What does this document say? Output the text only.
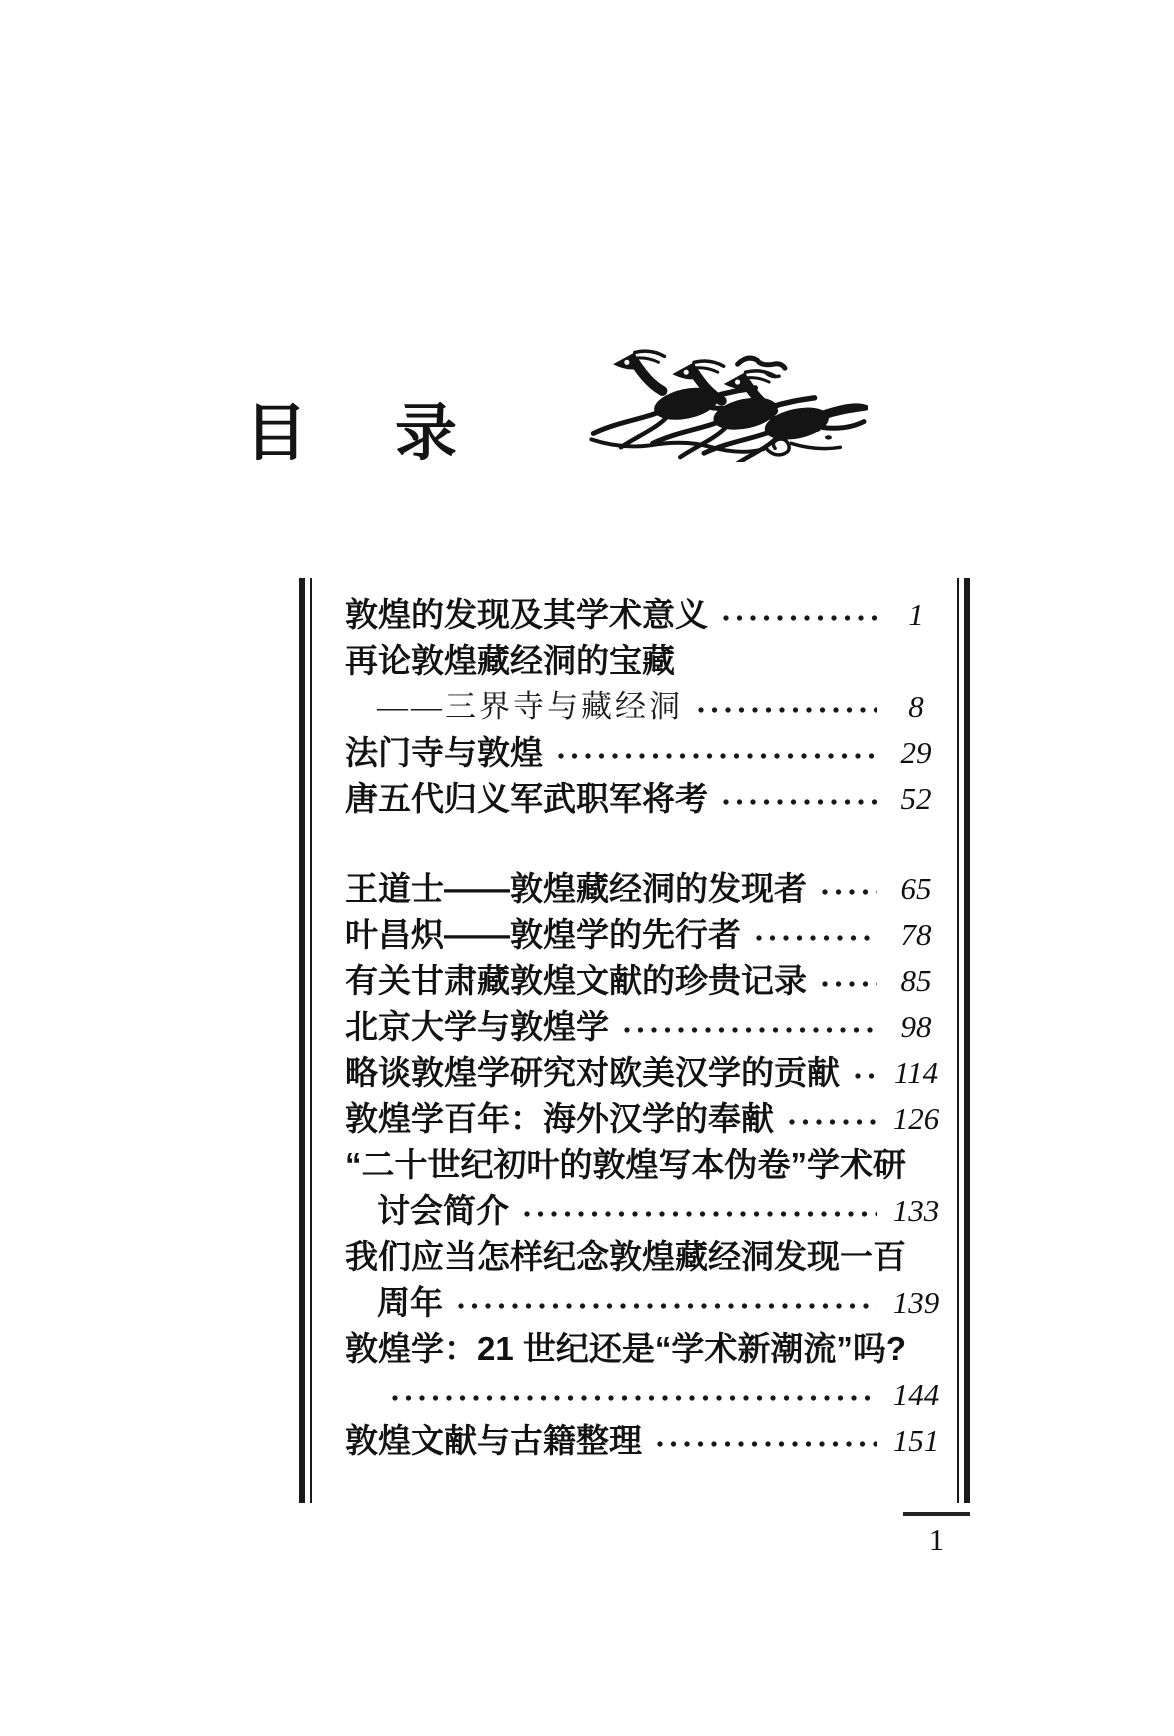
目 录
敦煌的发现及其学术意义	1
再论敦煌藏经洞的宝藏
——三界寺与藏经洞	8
法门寺与敦煌	29
唐五代归义军武职军将考	52
王道士——敦煌藏经洞的发现者	65
叶昌炽——敦煌学的先行者	78
有关甘肃藏敦煌文献的珍贵记录	85
北京大学与敦煌学	98
略谈敦煌学研究对欧美汉学的贡献 114
敦煌学百年：海外汉学的奉献	126
“二十世纪初叶的敦煌写本伪卷”学术研
讨会简介	133
我们应当怎样纪念敦煌藏经洞发现一百
周年	139
敦煌学：21 世纪还是“学术新潮流”吗?
144
敦煌文献与古籍整理	151
1
